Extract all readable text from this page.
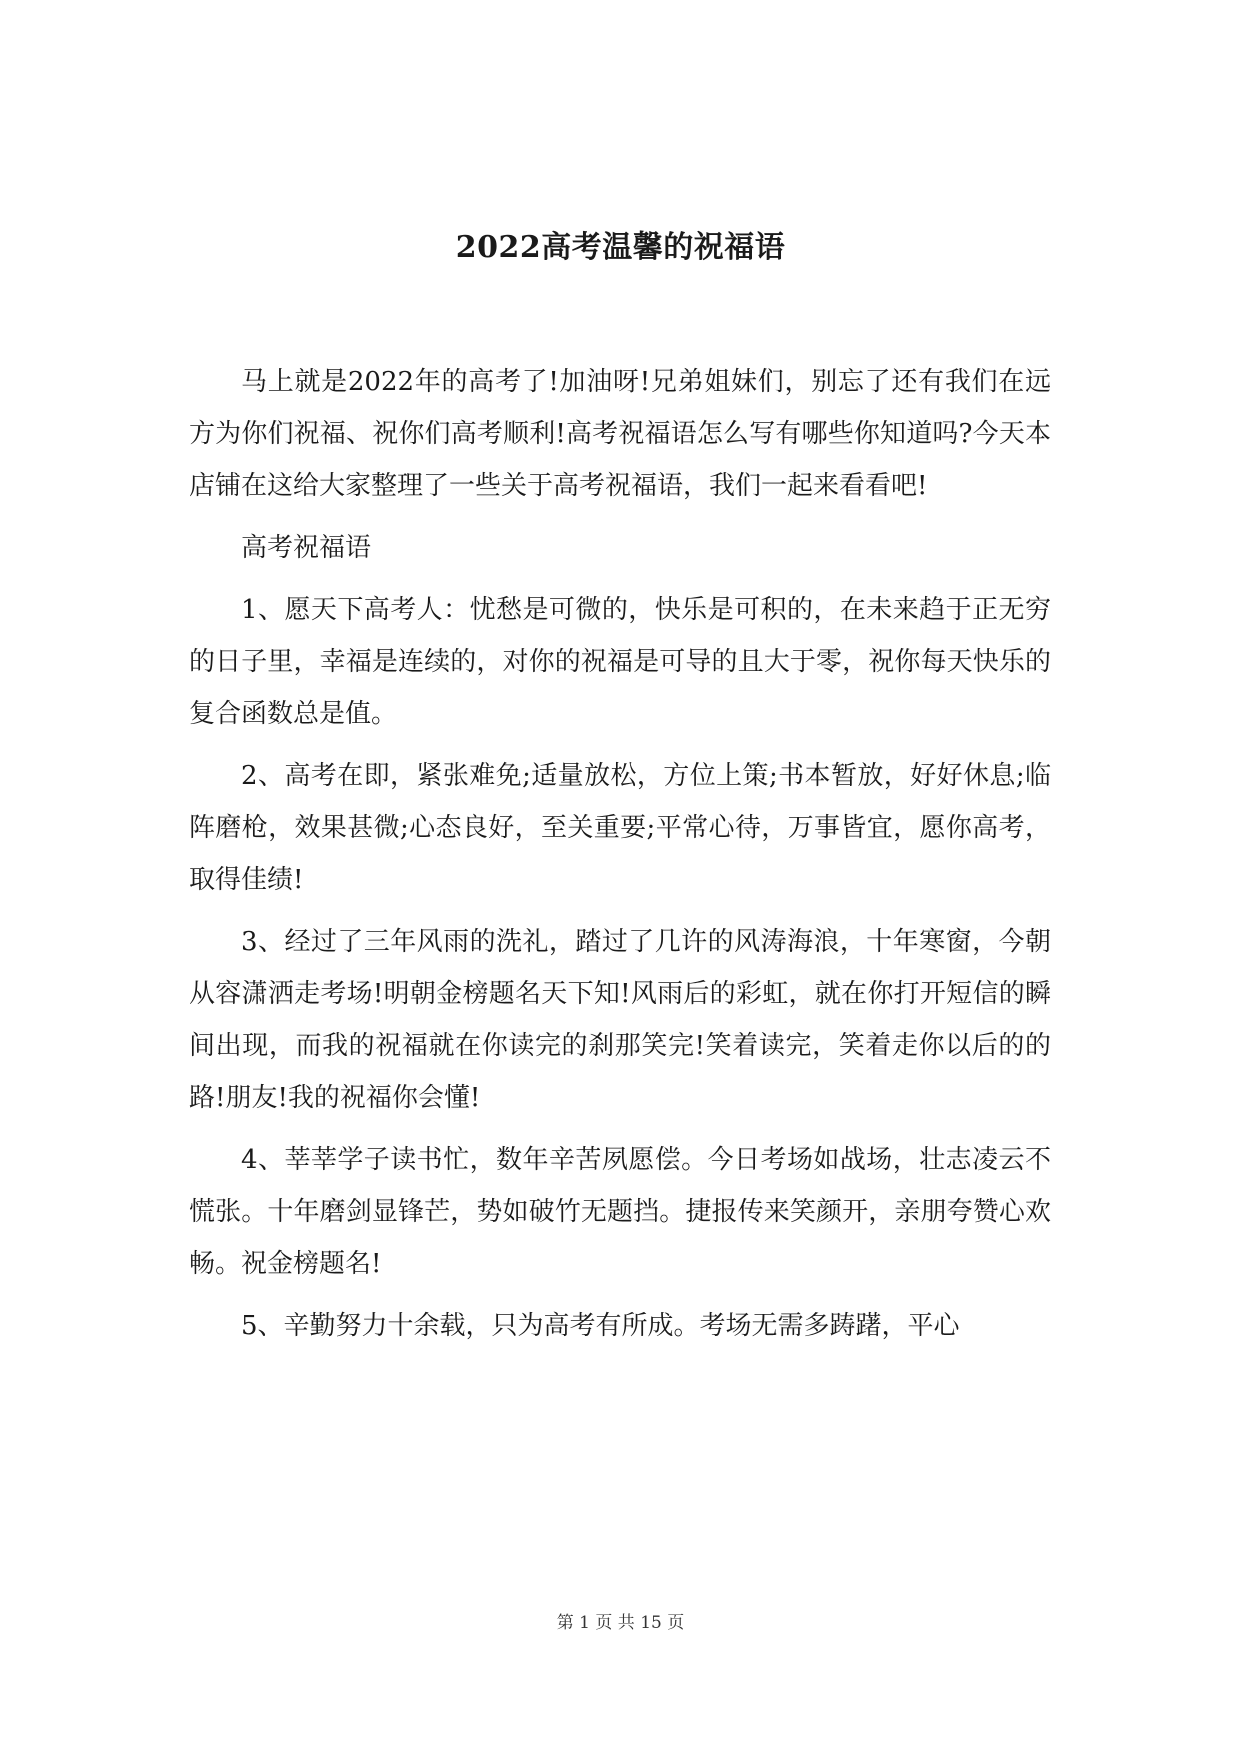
2022高考温馨的祝福语

马上就是2022年的高考了!加油呀!兄弟姐妹们，别忘了还有我们在远方为你们祝福、祝你们高考顺利!高考祝福语怎么写有哪些你知道吗?今天本店铺在这给大家整理了一些关于高考祝福语，我们一起来看看吧!

高考祝福语

1、愿天下高考人：忧愁是可微的，快乐是可积的，在未来趋于正无穷的日子里，幸福是连续的，对你的祝福是可导的且大于零，祝你每天快乐的复合函数总是值。

2、高考在即，紧张难免;适量放松，方位上策;书本暂放，好好休息;临阵磨枪，效果甚微;心态良好，至关重要;平常心待，万事皆宜，愿你高考，取得佳绩!

3、经过了三年风雨的洗礼，踏过了几许的风涛海浪，十年寒窗，今朝从容潇洒走考场!明朝金榜题名天下知!风雨后的彩虹，就在你打开短信的瞬间出现，而我的祝福就在你读完的刹那笑完!笑着读完，笑着走你以后的的路!朋友!我的祝福你会懂!

4、莘莘学子读书忙，数年辛苦夙愿偿。今日考场如战场，壮志凌云不慌张。十年磨剑显锋芒，势如破竹无题挡。捷报传来笑颜开，亲朋夸赞心欢畅。祝金榜题名!

5、辛勤努力十余载，只为高考有所成。考场无需多踌躇，平心

第 1 页 共 15 页
